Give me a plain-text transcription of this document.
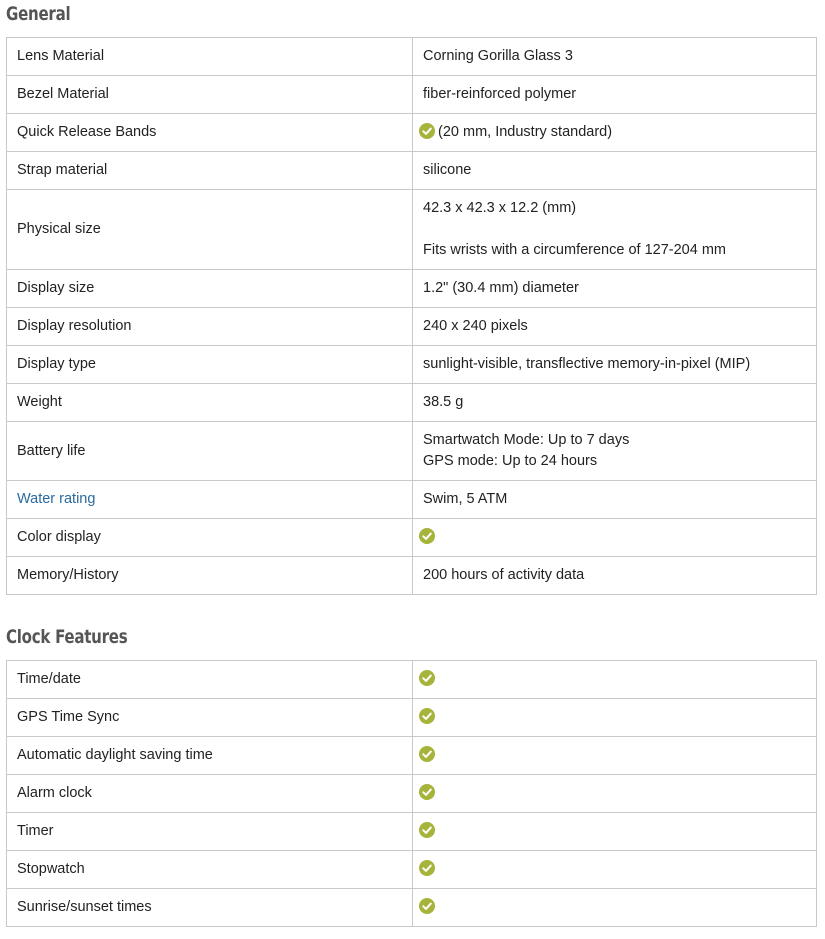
General
Lens Material	Corning Gorilla Glass 3
Bezel Material	fiber-reinforced polymer
Quick Release Bands	(20 mm, Industry standard)
Strap material	silicone
Physical size	42.3 x 42.3 x 12.2 (mm)
Fits wrists with a circumference of 127-204 mm

Display size	1.2" (30.4 mm) diameter
Display resolution	240 x 240 pixels
Display type	sunlight-visible, transflective memory-in-pixel (MIP)
Weight	38.5 g
Battery life	Smartwatch Mode: Up to 7 days
GPS mode: Up to 24 hours

Water rating	Swim, 5 ATM
Color display	
Memory/History	200 hours of activity data
Clock Features
Time/date	
GPS Time Sync	
Automatic daylight saving time	
Alarm clock	
Timer	
Stopwatch	
Sunrise/sunset times	
